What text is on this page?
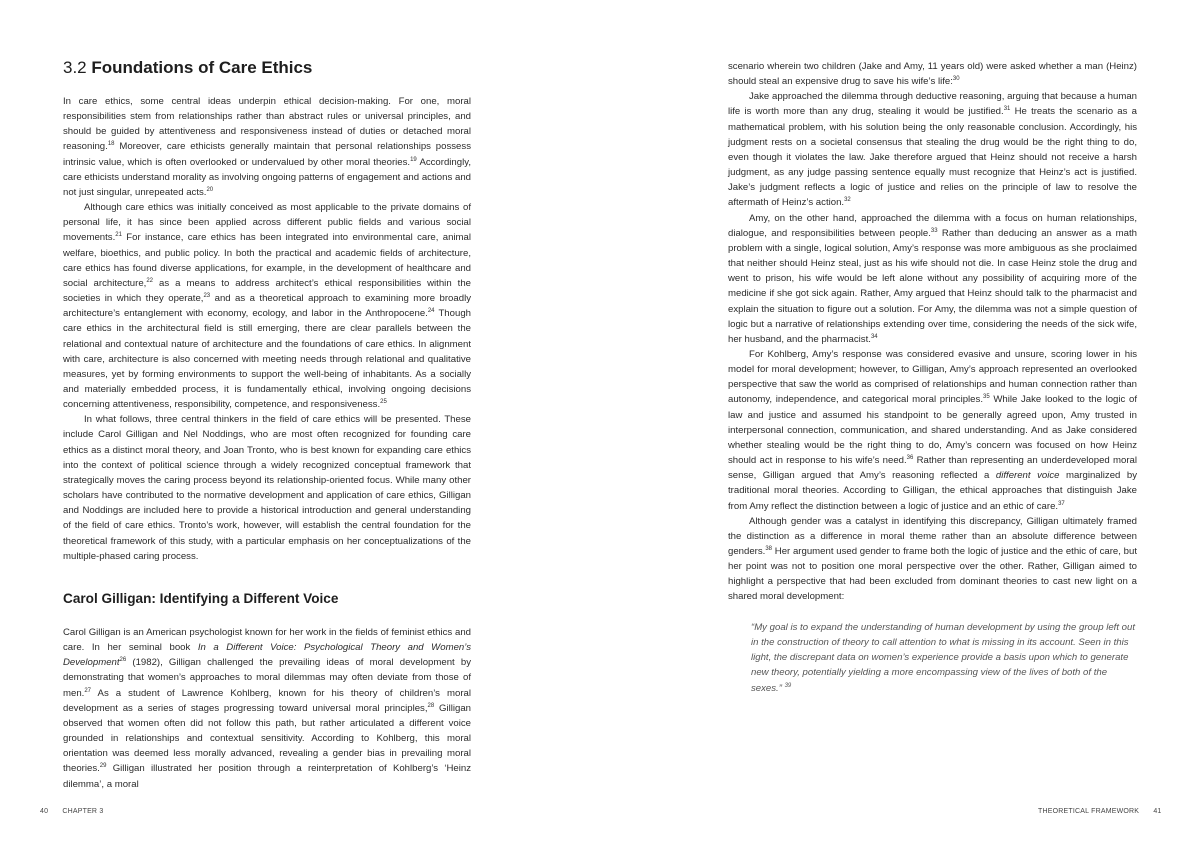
3.2 Foundations of Care Ethics

In care ethics, some central ideas underpin ethical decision-making. For one, moral responsibilities stem from relationships rather than abstract rules or universal principles, and should be guided by attentiveness and responsiveness instead of duties or detached moral reasoning.$^{18}$ Moreover, care ethicists generally maintain that personal relationships possess intrinsic value, which is often overlooked or undervalued by other moral theories.$^{19}$ Accordingly, care ethicists understand morality as involving ongoing patterns of engagement and actions and not just singular, unrepeated acts.$^{20}$

Although care ethics was initially conceived as most applicable to the private domains of personal life, it has since been applied across different public fields and various social movements.$^{21}$ For instance, care ethics has been integrated into environmental care, animal welfare, bioethics, and public policy. In both the practical and academic fields of architecture, care ethics has found diverse applications, for example, in the development of healthcare and social architecture,$^{22}$ as a means to address architect’s ethical responsibilities within the societies in which they operate,$^{23}$ and as a theoretical approach to examining more broadly architecture’s entanglement with economy, ecology, and labor in the Anthropocene.$^{24}$ Though care ethics in the architectural field is still emerging, there are clear parallels between the relational and contextual nature of architecture and the foundations of care ethics. In alignment with care, architecture is also concerned with meeting needs through relational and qualitative measures, yet by forming environments to support the well-being of inhabitants. As a socially and materially embedded process, it is fundamentally ethical, involving ongoing decisions concerning attentiveness, responsibility, competence, and responsiveness.$^{25}$

In what follows, three central thinkers in the field of care ethics will be presented. These include Carol Gilligan and Nel Noddings, who are most often recognized for founding care ethics as a distinct moral theory, and Joan Tronto, who is best known for expanding care ethics into the context of political science through a widely recognized conceptual framework that strategically moves the caring process beyond its relationship-oriented focus. While many other scholars have contributed to the normative development and application of care ethics, Gilligan and Noddings are included here to provide a historical introduction and general understanding of the field of care ethics. Tronto’s work, however, will establish the central foundation for the theoretical framework of this study, with a particular emphasis on her conceptualizations of the multiple-phased caring process.

Carol Gilligan: Identifying a Different Voice

Carol Gilligan is an American psychologist known for her work in the fields of feminist ethics and care. In her seminal book In a Different Voice: Psychological Theory and Women’s Development$^{26}$ (1982), Gilligan challenged the prevailing ideas of moral development by demonstrating that women’s approaches to moral dilemmas may often deviate from those of men.$^{27}$ As a student of Lawrence Kohlberg, known for his theory of children’s moral development as a series of stages progressing toward universal moral principles,$^{28}$ Gilligan observed that women often did not follow this path, but rather articulated a different voice grounded in relationships and contextual sensitivity. According to Kohlberg, this moral orientation was deemed less morally advanced, revealing a gender bias in prevailing moral theories.$^{29}$ Gilligan illustrated her position through a reinterpretation of Kohlberg’s ‘Heinz dilemma’, a moral

40 CHAPTER 3

scenario wherein two children (Jake and Amy, 11 years old) were asked whether a man (Heinz) should steal an expensive drug to save his wife’s life:$^{30}$

Jake approached the dilemma through deductive reasoning, arguing that because a human life is worth more than any drug, stealing it would be justified.$^{31}$ He treats the scenario as a mathematical problem, with his solution being the only reasonable conclusion. Accordingly, his judgment rests on a societal consensus that stealing the drug would be the right thing to do, even though it violates the law. Jake therefore argued that Heinz should not receive a harsh judgment, as any judge passing sentence equally must recognize that Heinz’s act is justified. Jake’s judgment reflects a logic of justice and relies on the principle of law to resolve the aftermath of Heinz’s action.$^{32}$

Amy, on the other hand, approached the dilemma with a focus on human relationships, dialogue, and responsibilities between people.$^{33}$ Rather than deducing an answer as a math problem with a single, logical solution, Amy’s response was more ambiguous as she proclaimed that neither should Heinz steal, just as his wife should not die. In case Heinz stole the drug and went to prison, his wife would be left alone without any possibility of acquiring more of the medicine if she got sick again. Rather, Amy argued that Heinz should talk to the pharmacist and explain the situation to figure out a solution. For Amy, the dilemma was not a simple question of logic but a narrative of relationships extending over time, considering the needs of the sick wife, her husband, and the pharmacist.$^{34}$

For Kohlberg, Amy’s response was considered evasive and unsure, scoring lower in his model for moral development; however, to Gilligan, Amy’s approach represented an overlooked perspective that saw the world as comprised of relationships and human connection rather than autonomy, independence, and categorical moral principles.$^{35}$ While Jake looked to the logic of law and justice and assumed his standpoint to be generally agreed upon, Amy trusted in interpersonal connection, communication, and shared understanding. And as Jake considered whether stealing would be the right thing to do, Amy’s concern was focused on how Heinz should act in response to his wife’s need.$^{36}$ Rather than representing an underdeveloped moral sense, Gilligan argued that Amy’s reasoning reflected a different voice marginalized by traditional moral theories. According to Gilligan, the ethical approaches that distinguish Jake from Amy reflect the distinction between a logic of justice and an ethic of care.$^{37}$

Although gender was a catalyst in identifying this discrepancy, Gilligan ultimately framed the distinction as a difference in moral theme rather than an absolute difference between genders.$^{38}$ Her argument used gender to frame both the logic of justice and the ethic of care, but her point was not to position one moral perspective over the other. Rather, Gilligan aimed to highlight a perspective that had been excluded from dominant theories to cast new light on a shared moral development:

“My goal is to expand the understanding of human development by using the group left out in the construction of theory to call attention to what is missing in its account. Seen in this light, the discrepant data on women’s experience provide a basis upon which to generate new theory, potentially yielding a more encompassing view of the lives of both of the sexes.” $^{39}$
THEORETICAL FRAMEWORK 41
